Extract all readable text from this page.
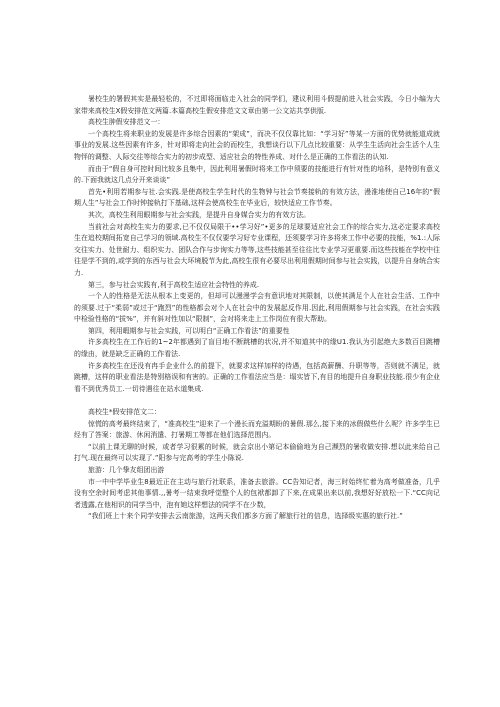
暑校生的署假其实是最轻松的，不过即将面临走入社会的同学们，建议利用斗假提前进入社会实践，今日小编为大家带来高校生X假安排范文两篇.本篇高校生假安排范文文章由第一公文站共享供版.

高校生肿假安排范文一：

一个高校生将来职业的发展是许多综合因素的“架成”，而决不仅仅靠比如：“学习好”等某一方面的优势就能道成就事业的发展.这些因素有许多，针对即将走向社会的而校生，我想谈行以下几点比较重要：从学生生活向社会生活个人生物怦的调整、人际交往等综合实力的初步成型、适应社会的特性养成、对什么是正确的工作看法的认知.

而由于“假自身可控时间比较多且集中，因此利用暑假时将来工作中须要的技能进行有针对性的培科，是特别有意义的.下面我就这几点分开来谈谈”

首先•利用若期参与社.会实践.是使高校生学生时代的生物钟与社会节奏接轨的有效方法，漫淮地使自己16年的“假期人生”与社会工作时钟接轨打下基础,这样会使高校生在毕业后，较快适应工作节奏。

其次，高校生利用眼期参与社会实践，是提升自身媒合实力的有效方法。

当前社会对高校生实力的要求,已不仅仅局限干••学习好”•更多的足球要适应社会工作的综合实力,这必定要求高校生在追校期间拓宽自己学习的领域.高校生不仅仅要学习好专业课程，还须要学习许多将来工作中必要的技能，%1.:人际交往实力、处世耐力、组织实力、团队合作与步询实力等等,这些技能甚至往往比专业学习更重要.而这些技能在学校中往往是学不到的,或学到的东西与社会大环境脱节为此,高校生很有必要尽出利用假期时间参与社会实践，以提升自身统合实力.

第三，参与社会实践有,利于高校生适应社会特性的养成.

一个人的性格是无法从根本上变更的，但却可以漫漫学会有意识地对其限制，以使其满足个人在社会生活、工作中的须要.过于“柔弱”或过于“跑烈”的性格都会对个人在社会中的发展起反作用.因此,利用假期参与社会实践，在社会实践中检验性格的“拔%”，并有斜对性加以“限制”，会对将来走上工作岗位有很大帮助。

第四，利用暇期参与社会实践，可以明白“正确工作看法”的重要性

许多高校生在工作后的1~2年都遇到了盲目地不断跳槽的状况,并不知道其中的缘U1.我认为引起绝大多数百目跳槽的缘由，就是缺乏正确的工作看法.

许多高校生在还没有冉手企业什么的前提下，就要求这样加样的待遇，包括高薪酬、升职等等，否则就不满足，就跳槽，这样的职业看法是特别格误和有害的。正确的工作看法应当是：塌实皆下,有目的地提升自身职业技能.很少有企业看不到优秀员工.一切待遇往在站水道集成.

高校生*假安排范文二：

惊慌的高考最终结束了，“准高校生”迎来了一个漫长而充溢期盼的暑假.那么,接下来的冰假做些什么呢？许多学生已经有了答案：旅游、休闲消遣、打暑期工等都在他们选择范围内。

“以前上课无聊的时候，或者学习很累的时候，就会京出小第记本偷偷地为自己濒烈的暑收做安排.想以此来给自己打气.现在最终可以实现了.”阳参与完高考的学生小陈说.

旅游：几个挚友组团出游

市一中中学毕业生8最近正在主动与旅行社联系，准备去旅游。CC告知记者，海三时始终忙着为高考做准备，几乎没有空余时间考虑其他事情.,,暑考一结束我呼觉整个人的包袱都卸了下来,在成果出来以前,我想好好放松一下.“CC向记者透露,在他相识的同学当中，泡有她这样想法的同学不在少数，

“我们班上十来个同学安排去云南旅游，这两天我们都多方面了解旅行社的信息，选择级实惠的旅行社.”
